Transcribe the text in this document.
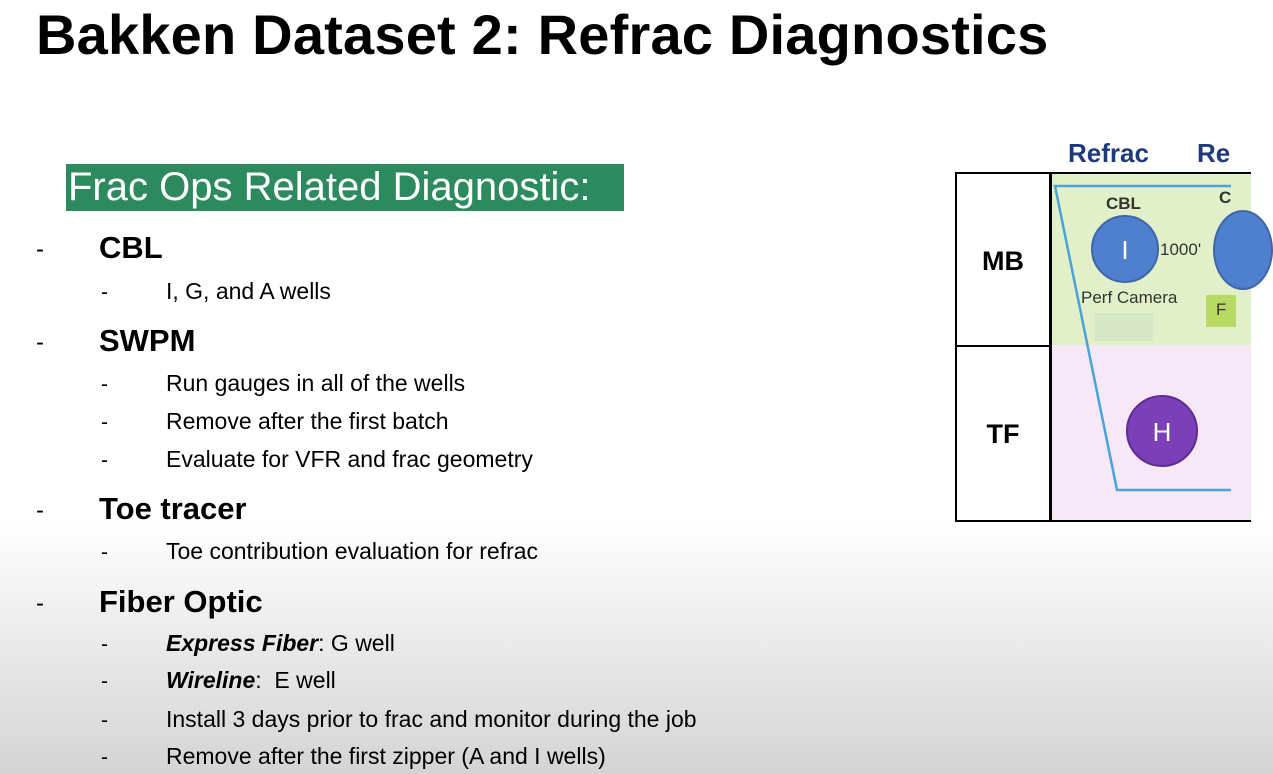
Bakken Dataset 2: Refrac Diagnostics
Frac Ops Related Diagnostic:
- CBL
-	I, G, and A wells
- SWPM
-	Run gauges in all of the wells
-	Remove after the first batch
-	Evaluate for VFR and frac geometry
- Toe tracer
-	Toe contribution evaluation for refrac
- Fiber Optic
-	Express Fiber: G well
-	Wireline:  E well
-	Install 3 days prior to frac and monitor during the job
-	Remove after the first zipper (A and I wells)
Refrac Re
MB
TF
CBL	C
I	1000'
Perf Camera
F
H
